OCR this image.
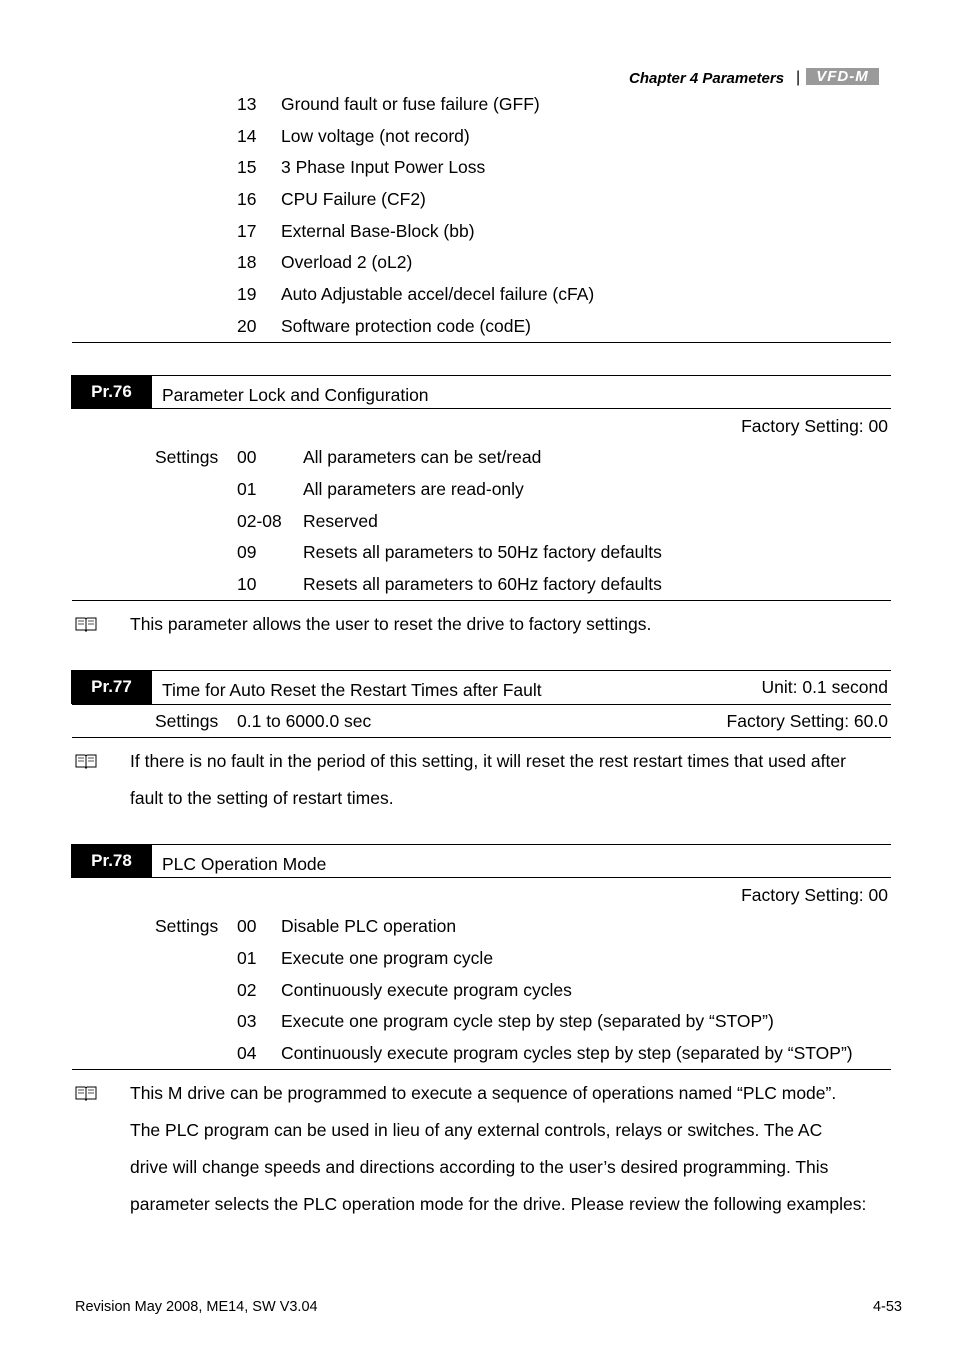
Chapter 4 Parameters |	VFD-M
13 Ground fault or fuse failure (GFF)
14 Low voltage (not record)
15 3 Phase Input Power Loss
16 CPU Failure (CF2)
17 External Base-Block (bb)
18 Overload 2 (oL2)
19 Auto Adjustable accel/decel failure (cFA)
20 Software protection code (codE)
Pr.76	Parameter Lock and Configuration
Factory Setting: 00
Settings 00	All parameters can be set/read
01	All parameters are read-only
02-08 Reserved
09	Resets all parameters to 50Hz factory defaults
10	Resets all parameters to 60Hz factory defaults
This parameter allows the user to reset the drive to factory settings.
Pr.77	Time for Auto Reset the Restart Times after Fault	Unit: 0.1 second
Settings 0.1 to 6000.0 sec	Factory Setting: 60.0
If there is no fault in the period of this setting, it will reset the rest restart times that used after
fault to the setting of restart times.
Pr.78	PLC Operation Mode
Factory Setting: 00
Settings 00 Disable PLC operation
01 Execute one program cycle
02 Continuously execute program cycles
03 Execute one program cycle step by step (separated by “STOP”)
04 Continuously execute program cycles step by step (separated by “STOP”)
This M drive can be programmed to execute a sequence of operations named “PLC mode”.
The PLC program can be used in lieu of any external controls, relays or switches. The AC
drive will change speeds and directions according to the user’s desired programming. This
parameter selects the PLC operation mode for the drive. Please review the following examples:
Revision May 2008, ME14, SW V3.04	4-53
